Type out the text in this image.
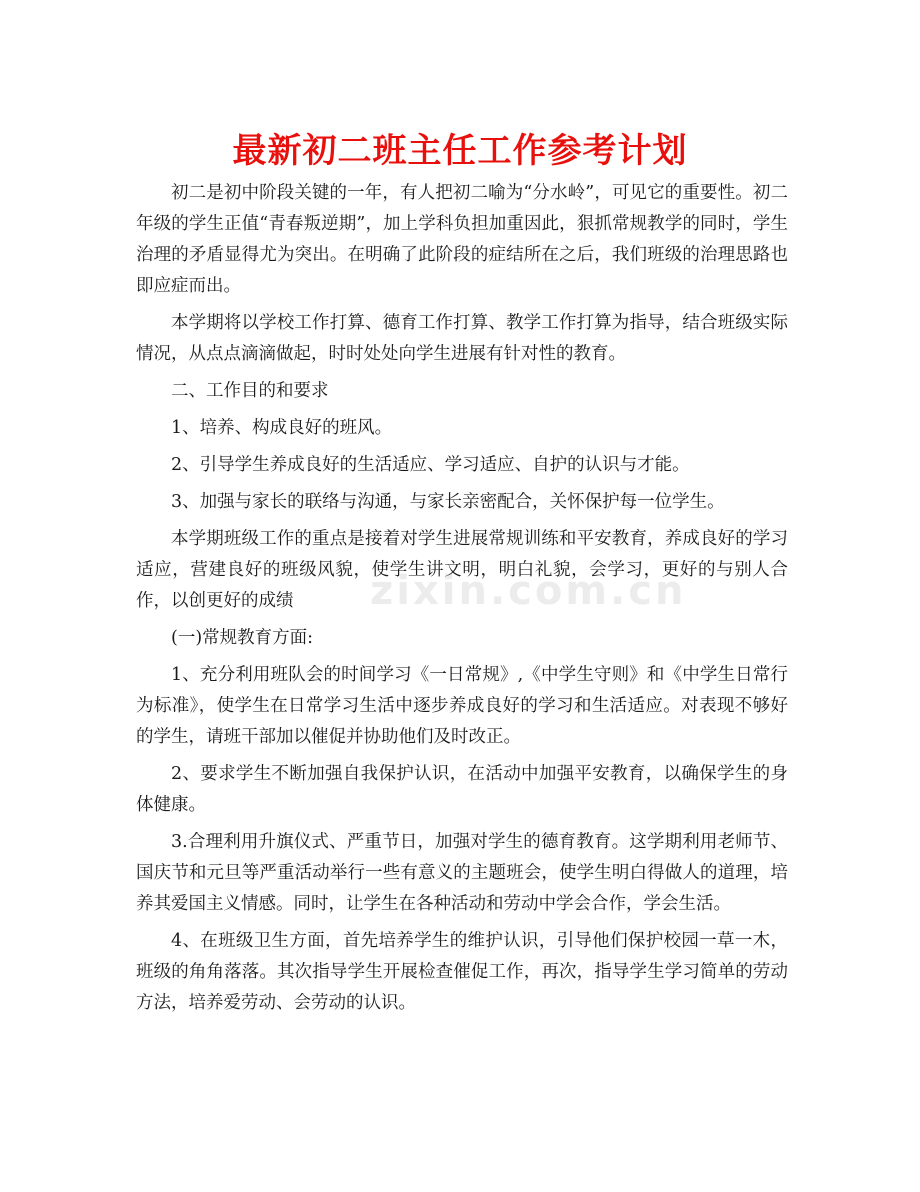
zixin.com.cn
最新初二班主任工作参考计划

初二是初中阶段关键的一年，有人把初二喻为“分水岭”，可见它的重要性。初二年级的学生正值“青春叛逆期”，加上学科负担加重因此，狠抓常规教学的同时，学生治理的矛盾显得尤为突出。在明确了此阶段的症结所在之后，我们班级的治理思路也即应症而出。

本学期将以学校工作打算、德育工作打算、教学工作打算为指导，结合班级实际情况，从点点滴滴做起，时时处处向学生进展有针对性的教育。

二、工作目的和要求

1、培养、构成良好的班风。

2、引导学生养成良好的生活适应、学习适应、自护的认识与才能。

3、加强与家长的联络与沟通，与家长亲密配合，关怀保护每一位学生。

本学期班级工作的重点是接着对学生进展常规训练和平安教育，养成良好的学习适应，营建良好的班级风貌，使学生讲文明，明白礼貌，会学习，更好的与别人合作，以创更好的成绩

(一)常规教育方面:

1、充分利用班队会的时间学习《一日常规》,《中学生守则》和《中学生日常行为标准》，使学生在日常学习生活中逐步养成良好的学习和生活适应。对表现不够好的学生，请班干部加以催促并协助他们及时改正。

2、要求学生不断加强自我保护认识，在活动中加强平安教育，以确保学生的身体健康。

3.合理利用升旗仪式、严重节日，加强对学生的德育教育。这学期利用老师节、国庆节和元旦等严重活动举行一些有意义的主题班会，使学生明白得做人的道理，培养其爱国主义情感。同时，让学生在各种活动和劳动中学会合作，学会生活。

4、在班级卫生方面，首先培养学生的维护认识，引导他们保护校园一草一木，班级的角角落落。其次指导学生开展检查催促工作，再次，指导学生学习简单的劳动方法，培养爱劳动、会劳动的认识。
